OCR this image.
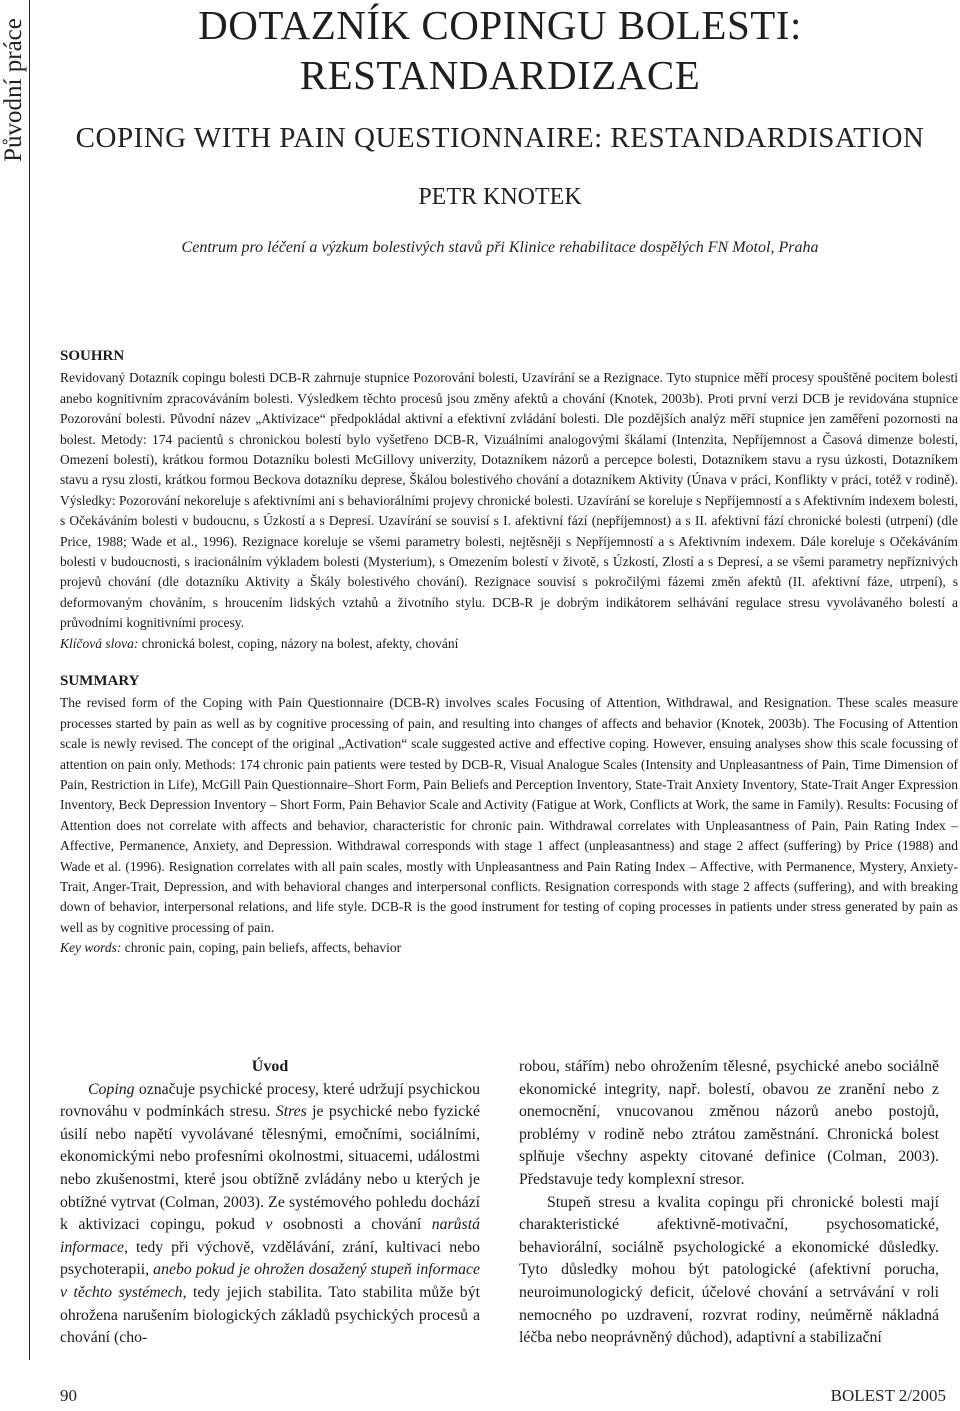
Původní práce	DOTAZNÍK COPINGU BOLESTI:
RESTANDARDIZACE
COPING WITH PAIN QUESTIONNAIRE: RESTANDARDISATION
PETR KNOTEK
Centrum pro léčení a výzkum bolestivých stavů při Klinice rehabilitace dospělých FN Motol, Praha
SOUHRN
Revidovaný Dotazník copingu bolesti DCB-R zahrnuje stupnice Pozorování bolesti, Uzavírání se a Rezignace. Tyto stupnice měří procesy spouštěné pocitem bolesti anebo kognitivním zpracováváním bolesti. Výsledkem těchto procesů jsou změny afektů a chování (Knotek, 2003b). Proti první verzi DCB je revidována stupnice Pozorování bolesti. Původní název „Aktivizace“ předpokládal aktivní a efektivní zvládání bolesti. Dle pozdějších analýz měří stupnice jen zaměření pozornosti na bolest. Metody: 174 pacientů s chronickou bolestí bylo vyšetřeno DCB-R, Vizuálními analogovými škálami (Intenzita, Nepříjemnost a Časová dimenze bolesti, Omezení bolestí), krátkou formou Dotazníku bolesti McGillovy univerzity, Dotazníkem názorů a percepce bolesti, Dotazníkem stavu a rysu úzkosti, Dotazníkem stavu a rysu zlosti, krátkou formou Beckova dotazníku deprese, Škálou bolestivého chování a dotazníkem Aktivity (Únava v práci, Konflikty v práci, totéž v rodině). Výsledky: Pozorování nekoreluje s afektivními ani s behaviorálními projevy chronické bolesti. Uzavírání se koreluje s Nepříjemností a s Afektivním indexem bolesti, s Očekáváním bolesti v budoucnu, s Úzkostí a s Depresí. Uzavírání se souvisí s I. afektivní fází (nepříjemnost) a s II. afektivní fází chronické bolesti (utrpení) (dle Price, 1988; Wade et al., 1996). Rezignace koreluje se všemi parametry bolesti, nejtěsněji s Nepříjemností a s Afektivním indexem. Dále koreluje s Očekáváním bolesti v budoucnosti, s iracionálním výkladem bolesti (Mysterium), s Omezením bolestí v životě, s Úzkostí, Zlostí a s Depresí, a se všemi parametry nepříznivých projevů chování (dle dotazníku Aktivity a Škály bolestivého chování). Rezignace souvisí s pokročilými fázemi změn afektů (II. afektivní fáze, utrpení), s deformovaným chováním, s hroucením lidských vztahů a životního stylu. DCB-R je dobrým indikátorem selhávání regulace stresu vyvolávaného bolestí a průvodními kognitivními procesy.
Klíčová slova: chronická bolest, coping, názory na bolest, afekty, chování
SUMMARY
The revised form of the Coping with Pain Questionnaire (DCB-R) involves scales Focusing of Attention, Withdrawal, and Resignation. These scales measure processes started by pain as well as by cognitive processing of pain, and resulting into changes of affects and behavior (Knotek, 2003b). The Focusing of Attention scale is newly revised. The concept of the original „Activation“ scale suggested active and effective coping. However, ensuing analyses show this scale focussing of attention on pain only. Methods: 174 chronic pain patients were tested by DCB-R, Visual Analogue Scales (Intensity and Unpleasantness of Pain, Time Dimension of Pain, Restriction in Life), McGill Pain Questionnaire–Short Form, Pain Beliefs and Perception Inventory, State-Trait Anxiety Inventory, State-Trait Anger Expression Inventory, Beck Depression Inventory – Short Form, Pain Behavior Scale and Activity (Fatigue at Work, Conflicts at Work, the same in Family). Results: Focusing of Attention does not correlate with affects and behavior, characteristic for chronic pain. Withdrawal correlates with Unpleasantness of Pain, Pain Rating Index – Affective, Permanence, Anxiety, and Depression. Withdrawal corresponds with stage 1 affect (unpleasantness) and stage 2 affect (suffering) by Price (1988) and Wade et al. (1996). Resignation correlates with all pain scales, mostly with Unpleasantness and Pain Rating Index – Affective, with Permanence, Mystery, Anxiety-Trait, Anger-Trait, Depression, and with behavioral changes and interpersonal conflicts. Resignation corresponds with stage 2 affects (suffering), and with breaking down of behavior, interpersonal relations, and life style. DCB-R is the good instrument for testing of coping processes in patients under stress generated by pain as well as by cognitive processing of pain.
Key words: chronic pain, coping, pain beliefs, affects, behavior

Úvod

Coping označuje psychické procesy, které udržují psychickou rovnováhu v podmínkách stresu. Stres je psychické nebo fyzické úsilí nebo napětí vyvolávané tělesnými, emočními, sociálními, ekonomickými nebo profesními okolnostmi, situacemi, událostmi nebo zkušenostmi, které jsou obtížně zvládány nebo u kterých je obtížné vytrvat (Colman, 2003). Ze systémového pohledu dochází k aktivizaci copingu, pokud v osobnosti a chování narůstá informace, tedy při výchově, vzdělávání, zrání, kultivaci nebo psychoterapii, anebo pokud je ohrožen dosažený stupeň informace v těchto systémech, tedy jejich stabilita. Tato stabilita může být ohrožena narušením biologických základů psychických procesů a chování (cho-

robou, stářím) nebo ohrožením tělesné, psychické anebo sociálně ekonomické integrity, např. bolestí, obavou ze zranění nebo z onemocnění, vnucovanou změnou názorů anebo postojů, problémy v rodině nebo ztrátou zaměstnání. Chronická bolest splňuje všechny aspekty citované definice (Colman, 2003). Představuje tedy komplexní stresor.

Stupeň stresu a kvalita copingu při chronické bolesti mají charakteristické afektivně-motivační, psychosomatické, behaviorální, sociálně psychologické a ekonomické důsledky. Tyto důsledky mohou být patologické (afektivní porucha, neuroimunologický deficit, účelové chování a setrvávání v roli nemocného po uzdravení, rozvrat rodiny, neúměrně nákladná léčba nebo neoprávněný důchod), adaptivní a stabilizační

90	BOLEST 2/2005
